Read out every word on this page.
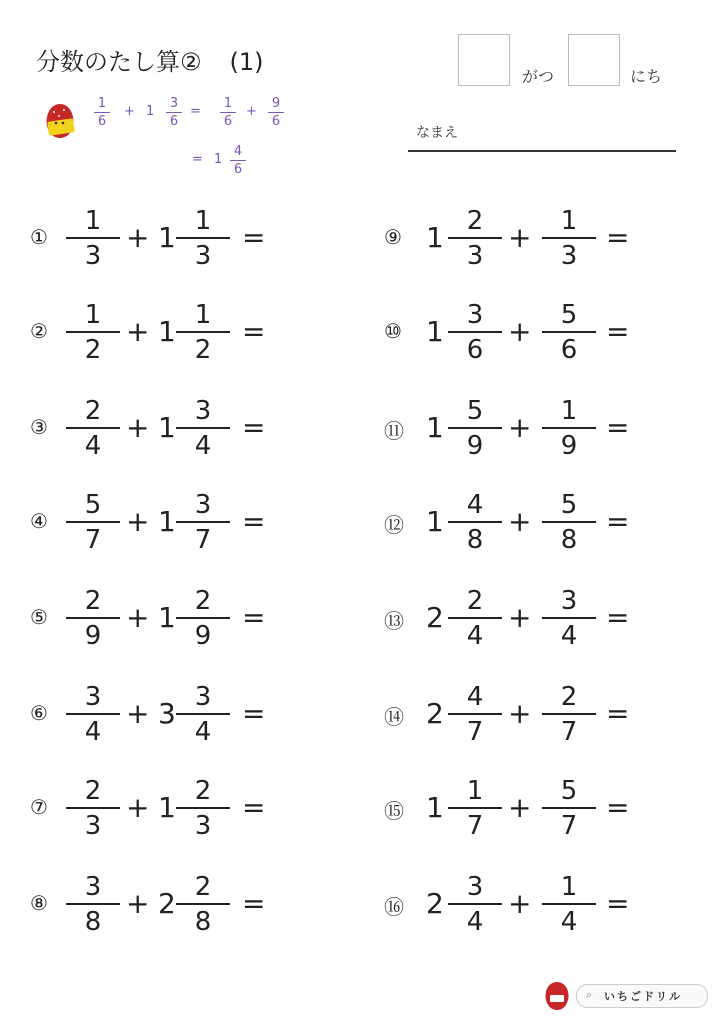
分数のたし算② (1)
がつ	にち
なまえ
1
6
+ 1
3
6
=
1
6
+
9
6
= 1
4
6
①
1
3
+ 1 1
3
=
②
1
2
+ 1 1
2
=
③
2
4
+ 1 3
4
=
④
5
7
+ 1 3
7
=
⑤
2
9
+ 1 2
9
=
⑥
3
4
+ 3 3
4
=
⑦
2
3
+ 1 2
3
=
⑧
3
8
+ 2 2
8
=
⑨ 1 2
3
+	1
3
=
⑩ 1 3
6
+	5
6
=
⑪ 1 5
9
+	1
9
=
⑫ 1 4
8
+	5
8
=
⑬ 2 2
4
+	3
4
=
⑭ 2 4
7
+	2
7
=
⑮ 1 1
7
+	5
7
=
⑯ 2 3
4
+	1
4
=
⌕ いちごドリル
